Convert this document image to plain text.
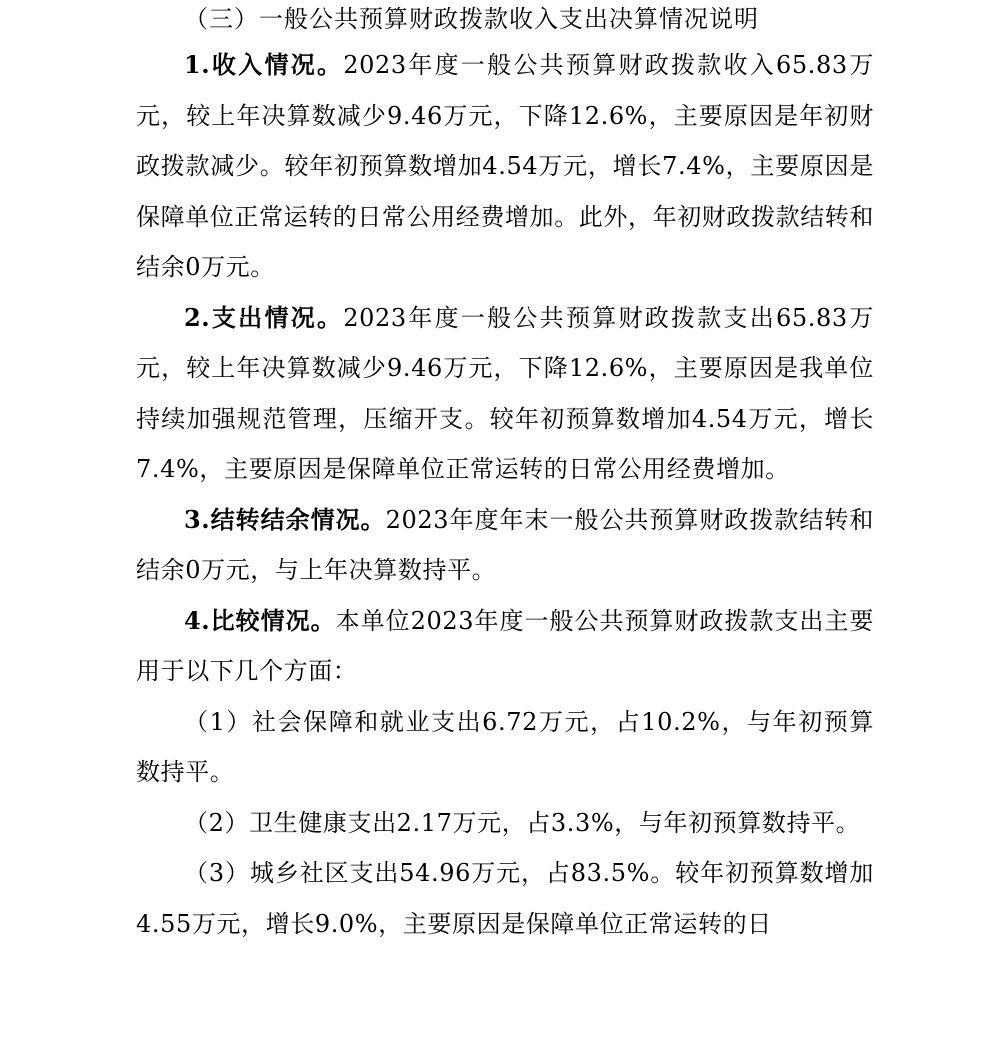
（三）一般公共预算财政拨款收入支出决算情况说明

1.收入情况。2023年度一般公共预算财政拨款收入65.83万元，较上年决算数减少9.46万元，下降12.6%，主要原因是年初财政拨款减少。较年初预算数增加4.54万元，增长7.4%，主要原因是保障单位正常运转的日常公用经费增加。此外，年初财政拨款结转和结余0万元。

2.支出情况。2023年度一般公共预算财政拨款支出65.83万元，较上年决算数减少9.46万元，下降12.6%，主要原因是我单位持续加强规范管理，压缩开支。较年初预算数增加4.54万元，增长7.4%，主要原因是保障单位正常运转的日常公用经费增加。

3.结转结余情况。2023年度年末一般公共预算财政拨款结转和结余0万元，与上年决算数持平。

4.比较情况。本单位2023年度一般公共预算财政拨款支出主要用于以下几个方面：

（1）社会保障和就业支出6.72万元，占10.2%，与年初预算数持平。

（2）卫生健康支出2.17万元，占3.3%，与年初预算数持平。

（3）城乡社区支出54.96万元，占83.5%。较年初预算数增加4.55万元，增长9.0%，主要原因是保障单位正常运转的日
